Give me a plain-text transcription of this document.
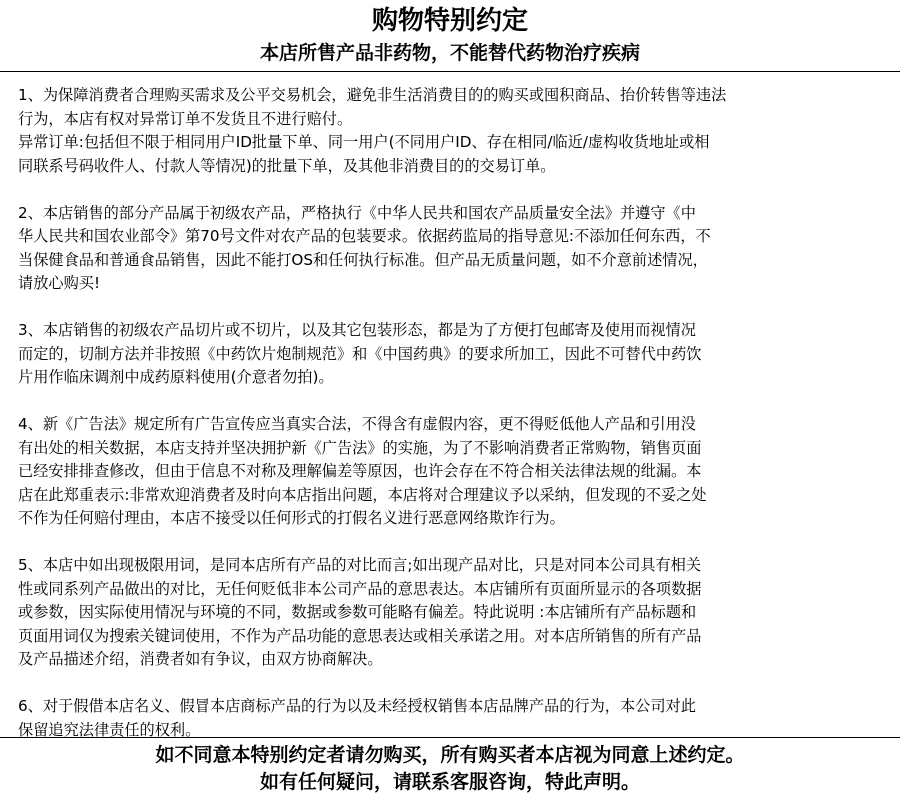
购物特别约定
本店所售产品非药物，不能替代药物治疗疾病
1、为保障消费者合理购买需求及公平交易机会，避免非生活消费目的的购买或囤积商品、抬价转售等违法
行为，本店有权对异常订单不发货且不进行赔付。
异常订单:包括但不限于相同用户ID批量下单、同一用户(不同用户ID、存在相同/临近/虚构收货地址或相
同联系号码收件人、付款人等情况)的批量下单，及其他非消费目的的交易订单。
2、本店销售的部分产品属于初级农产品，严格执行《中华人民共和国农产品质量安全法》并遵守《中
华人民共和国农业部令》第70号文件对农产品的包装要求。依据药监局的指导意见:不添加任何东西，不
当保健食品和普通食品销售，因此不能打OS和任何执行标准。但产品无质量问题，如不介意前述情况，
请放心购买!
3、本店销售的初级农产品切片或不切片，以及其它包装形态，都是为了方便打包邮寄及使用而视情况
而定的，切制方法并非按照《中药饮片炮制规范》和《中国药典》的要求所加工，因此不可替代中药饮
片用作临床调剂中成药原料使用(介意者勿拍)。
4、新《广告法》规定所有广告宣传应当真实合法，不得含有虚假内容，更不得贬低他人产品和引用没
有出处的相关数据，本店支持并坚决拥护新《广告法》的实施，为了不影响消费者正常购物，销售页面
已经安排排查修改，但由于信息不对称及理解偏差等原因，也许会存在不符合相关法律法规的纰漏。本
店在此郑重表示:非常欢迎消费者及时向本店指出问题，本店将对合理建议予以采纳，但发现的不妥之处
不作为任何赔付理由，本店不接受以任何形式的打假名义进行恶意网络欺诈行为。
5、本店中如出现极限用词，是同本店所有产品的对比而言;如出现产品对比，只是对同本公司具有相关
性或同系列产品做出的对比，无任何贬低非本公司产品的意思表达。本店铺所有页面所显示的各项数据
或参数，因实际使用情况与环境的不同，数据或参数可能略有偏差。特此说明 :本店铺所有产品标题和
页面用词仅为搜索关键词使用，不作为产品功能的意思表达或相关承诺之用。对本店所销售的所有产品
及产品描述介绍，消费者如有争议，由双方协商解决。
6、对于假借本店名义、假冒本店商标产品的行为以及未经授权销售本店品牌产品的行为，本公司对此
保留追究法律责任的权利。
如不同意本特别约定者请勿购买，所有购买者本店视为同意上述约定。
如有任何疑问，请联系客服咨询，特此声明。
